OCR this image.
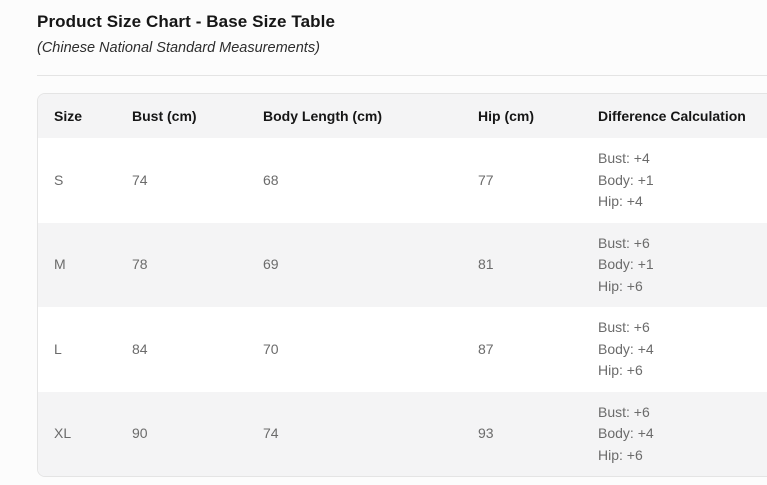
Product Size Chart - Base Size Table

(Chinese National Standard Measurements)

Size	Bust (cm)	Body Length (cm)	Hip (cm)	Difference Calculation
S	74	68	77	Bust: +4
Body: +1
Hip: +4

M	78	69	81	Bust: +6
Body: +1
Hip: +6

L	84	70	87	Bust: +6
Body: +4
Hip: +6

XL	90	74	93	Bust: +6
Body: +4
Hip: +6
